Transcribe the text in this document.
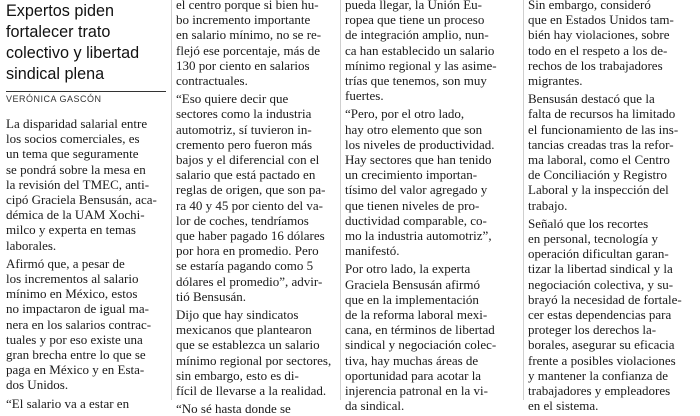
Expertos piden
fortalecer trato
colectivo y libertad
sindical plena
VERÓNICA GASCÓN
La disparidad salarial entre
los socios comerciales, es
un tema que seguramente
se pondrá sobre la mesa en
la revisión del TMEC, anti-
cipó Graciela Bensusán, aca-
démica de la UAM Xochi-
milco y experta en temas
laborales.
Afirmó que, a pesar de
los incrementos al salario
mínimo en México, estos
no impactaron de igual ma-
nera en los salarios contrac-
tuales y por eso existe una
gran brecha entre lo que se
paga en México y en Esta-
dos Unidos.
“El salario va a estar en
el centro porque si bien hu-
bo incremento importante
en salario mínimo, no se re-
flejó ese porcentaje, más de
130 por ciento en salarios
contractuales.
“Eso quiere decir que
sectores como la industria
automotriz, sí tuvieron in-
cremento pero fueron más
bajos y el diferencial con el
salario que está pactado en
reglas de origen, que son pa-
ra 40 y 45 por ciento del va-
lor de coches, tendríamos
que haber pagado 16 dólares
por hora en promedio. Pero
se estaría pagando como 5
dólares el promedio”, advir-
tió Bensusán.
Dijo que hay sindicatos
mexicanos que plantearon
que se establezca un salario
mínimo regional por sectores,
sin embargo, esto es di-
fícil de llevarse a la realidad.
“No sé hasta donde se
pueda llegar, la Unión Eu-
ropea que tiene un proceso
de integración amplio, nun-
ca han establecido un salario
mínimo regional y las asime-
trías que tenemos, son muy
fuertes.
“Pero, por el otro lado,
hay otro elemento que son
los niveles de productividad.
Hay sectores que han tenido
un crecimiento importan-
tísimo del valor agregado y
que tienen niveles de pro-
ductividad comparable, co-
mo la industria automotriz”,
manifestó.
Por otro lado, la experta
Graciela Bensusán afirmó
que en la implementación
de la reforma laboral mexi-
cana, en términos de libertad
sindical y negociación colec-
tiva, hay muchas áreas de
oportunidad para acotar la
injerencia patronal en la vi-
da sindical.
Sin embargo, consideró
que en Estados Unidos tam-
bién hay violaciones, sobre
todo en el respeto a los de-
rechos de los trabajadores
migrantes.
Bensusán destacó que la
falta de recursos ha limitado
el funcionamiento de las ins-
tancias creadas tras la refor-
ma laboral, como el Centro
de Conciliación y Registro
Laboral y la inspección del
trabajo.
Señaló que los recortes
en personal, tecnología y
operación dificultan garan-
tizar la libertad sindical y la
negociación colectiva, y su-
brayó la necesidad de fortale-
cer estas dependencias para
proteger los derechos la-
borales, asegurar su eficacia
frente a posibles violaciones
y mantener la confianza de
trabajadores y empleadores
en el sistema.
